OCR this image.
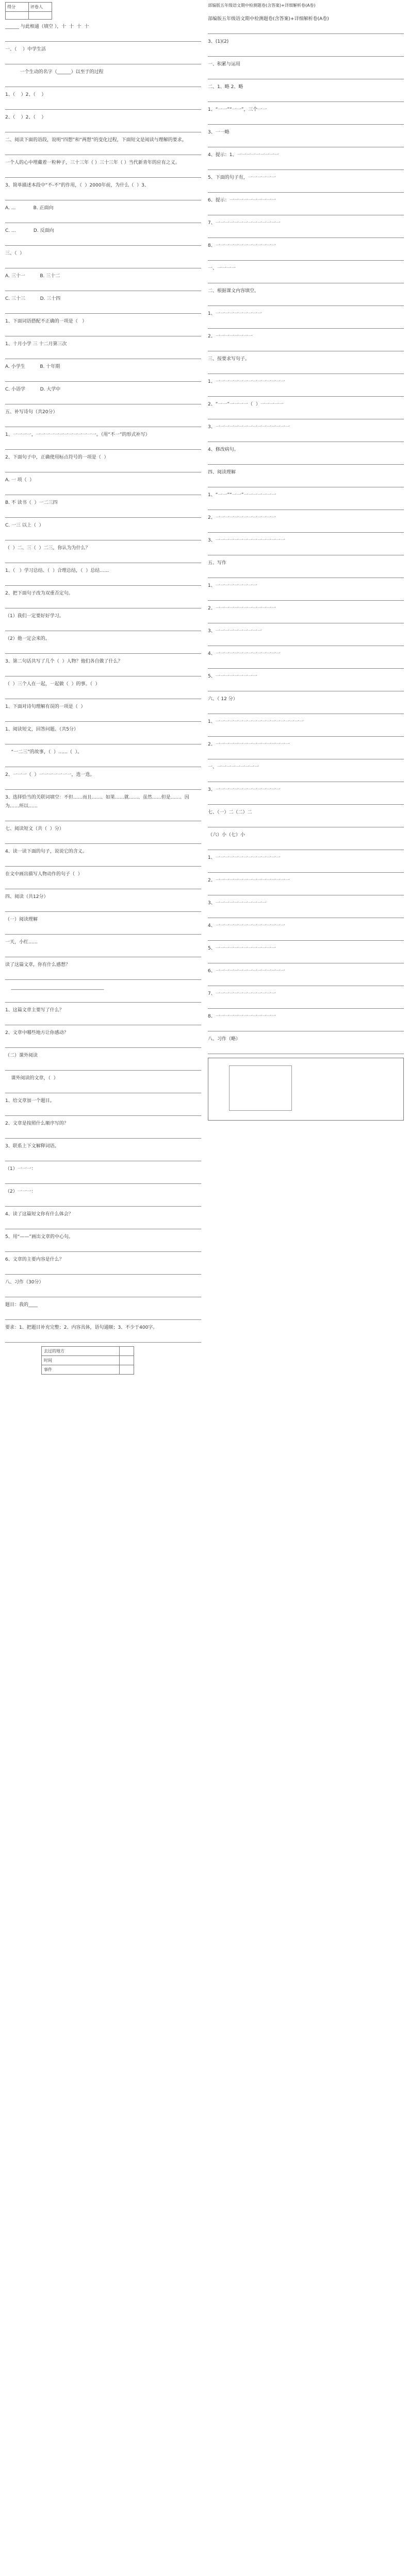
得分	评卷人

______ 与此相通（填空 ），十  十  十  十
一、（    ）中学生活
一个生动的名字（______）以至于的过程
1、（    ）2、（    ）
2、（    ）2、（    ）
二、阅读下面的语段，说明“四想”和“两想”的变化过程，下面短文是阅读与理解的要求。
一个人的心中埋藏着一粒种子，三十三年（ ）三十三年（ ）当代新青年的应有之义。
3、简单描述本段中“不-不”的作用，（  ）2000年前，为什么（  ）3、
A. ...            B. 正面向
C. ...            D. 反面向
三、（  ）
A. 三十一          B. 三十二
C. 三十三          D. 三十四
1、下面词语搭配不正确的一项是（   ）
1、十月小学 三 十二月第三次
A. 小学生          B. 十年期
C. 小语学          D. 大学中
五、补写诗句（共20分）
1、一一一一，一一一一一一一一一一一一一。（用“不一”的形式补写）
2、下面句子中，正确使用标点符号的一项是（  ）
A. 一 项（  ）
B. 不 读书（  ）一二三四
C. 一三 以上（  ）
（  ）二、三（  ）二三，你认为为什么？
1、（   ）学习总结、（  ）合理总结，（  ）总结……
2、把下面句子改为双重否定句。
（1）我们一定要好好学习。
（2）他一定会来的。
3、第二句话共写了几个（  ）人物？他们各自做了什么？
（  ）三个人在一起，一起做（  ）的事。（  ）
1、下面对诗句理解有误的一项是（  ）
1、阅读短文，回答问题。（共5分）
“一二三”的故事，（  ）……（  ）。
2、一一一（  ）一一一一一一一，选一选。
3、选择恰当的关联词填空：不但……而且……、如果……就……、虽然……但是……、因为……所以……
七、阅读短文（共（  ）分）
4、读一读下面的句子，说说它的含义。
在文中画出描写人物动作的句子（  ）
四、阅读（共12分）
（一）阅读理解
一天，小红……
读了这篇文章，你有什么感想？
________________________________________
1、这篇文章主要写了什么？
2、文章中哪些地方让你感动？
（二）课外阅读
课外阅读的文章，（  ）
1、给文章加一个题目。
2、文章是按照什么顺序写的？
3、联系上下文解释词语。
（1）一一一：
（2）一一一：
4、读了这篇短文你有什么体会？
5、用“——”画出文章的中心句。
6、文章的主要内容是什么？
八、习作（30分）
题目：我的____
要求：1、把题目补充完整；2、内容具体，语句通顺；3、不少于400字。
去过的地方	
时间	
事件	
部编版五年级语文期中检测题卷(含答案)+详细解析卷(A卷)
部编版五年级语文期中检测题卷(含答案)+详细解析卷(A卷)
3、(1)(2)
一、积累与运用
二、1、略 2、略
1、“一一”“一一”，三个一一
3、一一略
4、提示：1、一一一一一一一一一
5、下面的句子有，一一一一一一
6、提示：一一一一一一一一一一
7、一一一一一一一一一一一一一一
8、一一一一一一一一一一一一一
一、一一一一
二、根据课文内容填空。
1、一一一一一一一一一一
2、一一一一一一一一
三、按要求写句子。
1、一一一一一一一一一一一一一一一
2、“一一”一一一一（  ）一一一一一
3、一一一一一一一一一一一一一一一一
4、修改病句。
四、阅读理解
1、“一一”“一一”一一一一一一一
2、一一一一一一一一一一一一一
3、一一一一一一一一一一一一一一一
五、写作
1、一一一一一一一一一
2、一一一一一一一一一一一一一
3、一一一一一一一一一一
4、一一一一一一一一一一一一一一
5、一一一一一一一一一
六、（ 12 分）
1、一一一一一一一一一一一一一一一一一一一
2、一一一一一一一一一一一一一一一一
一、一一一一一一一一一
3、一一一一一一一一一一一一一一
七、（一）二（二）二
（六）小（七）小
1、一一一一一一一一一一一一一一
2、一一一一一一一一一一一一一一一一
3、一一一一一一一一一一一
4、一一一一一一一一一一一一一一一
5、一一一一一一一一一一一一一
6、一一一一一一一一一一一一一一一
7、一一一一一一一一一一一一一
8、一一一一一一一一一一一一一
八、习作（略）
